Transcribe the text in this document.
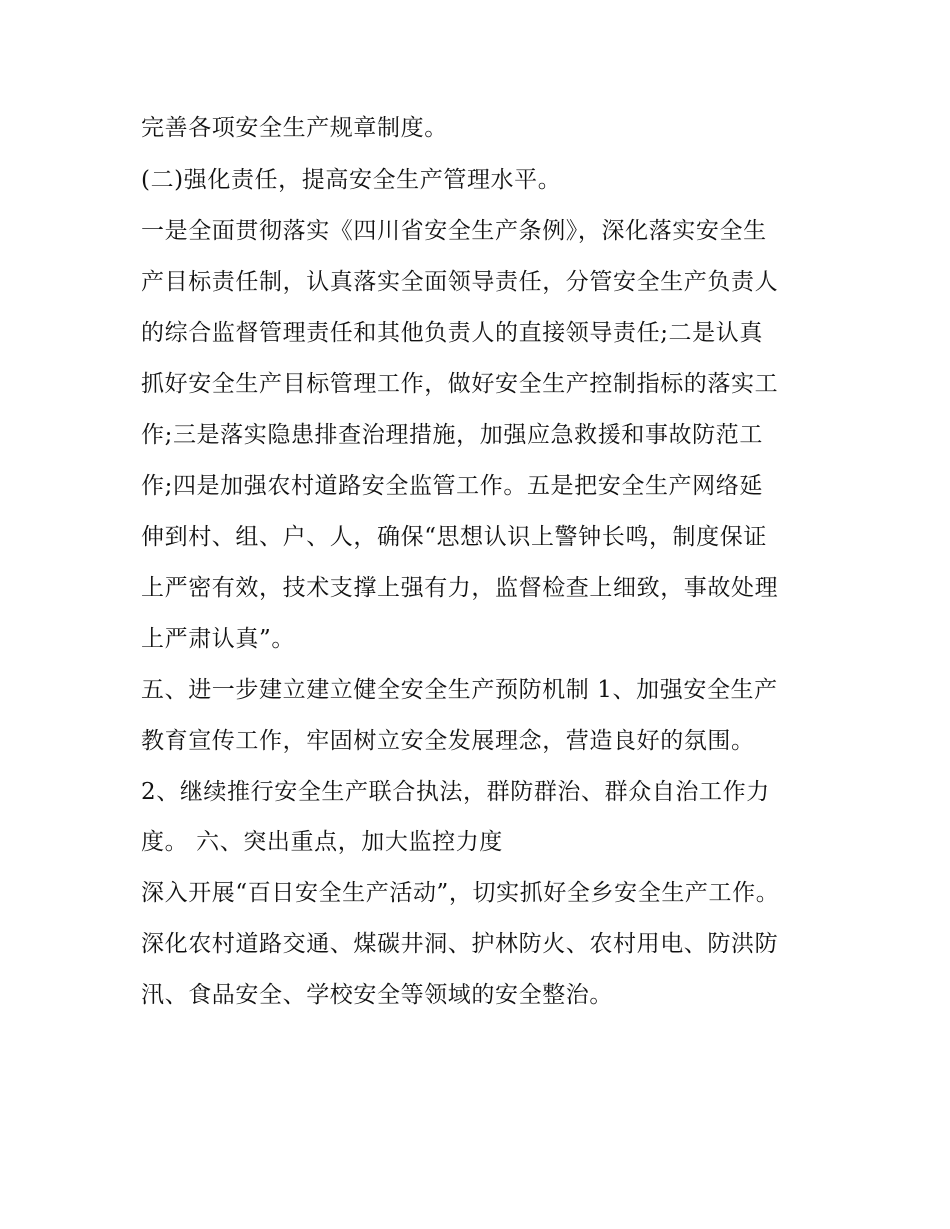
完善各项安全生产规章制度。
(二)强化责任，提高安全生产管理水平。
一是全面贯彻落实《四川省安全生产条例》，深化落实安全生
产目标责任制，认真落实全面领导责任，分管安全生产负责人
的综合监督管理责任和其他负责人的直接领导责任;二是认真
抓好安全生产目标管理工作，做好安全生产控制指标的落实工
作;三是落实隐患排查治理措施，加强应急救援和事故防范工
作;四是加强农村道路安全监管工作。五是把安全生产网络延
伸到村、组、户、人，确保“思想认识上警钟长鸣，制度保证
上严密有效，技术支撑上强有力，监督检查上细致，事故处理
上严肃认真”。
五、进一步建立建立健全安全生产预防机制 1、加强安全生产
教育宣传工作，牢固树立安全发展理念，营造良好的氛围。
2、继续推行安全生产联合执法，群防群治、群众自治工作力
度。 六、突出重点，加大监控力度
深入开展“百日安全生产活动”，切实抓好全乡安全生产工作。
深化农村道路交通、煤碳井洞、护林防火、农村用电、防洪防
汛、食品安全、学校安全等领域的安全整治。
